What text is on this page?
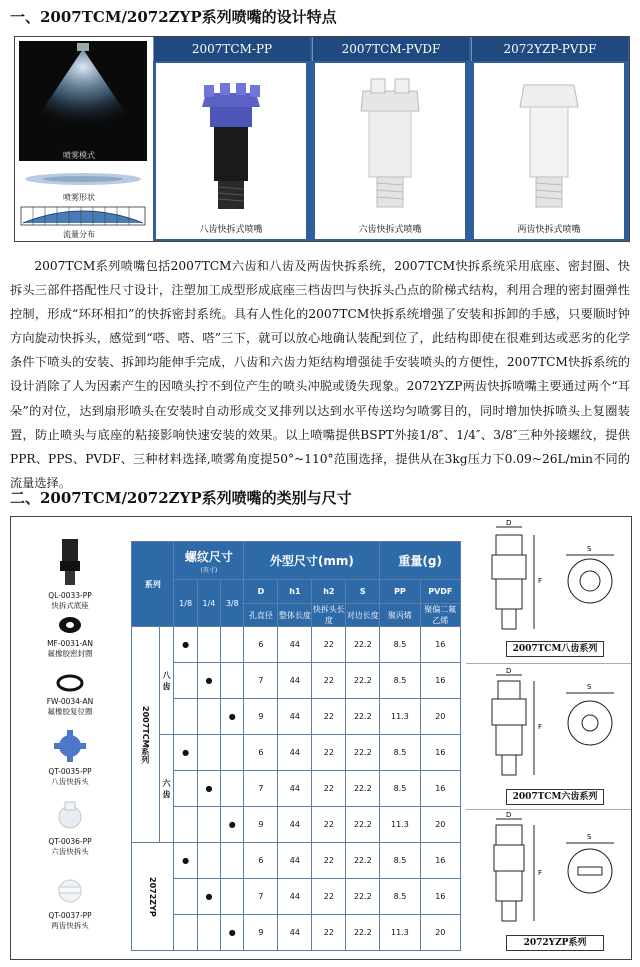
一、2007TCM/2072ZYP系列喷嘴的设计特点
喷雾模式
喷雾形状
流量分布
2007TCM-PP
八齿快拆式喷嘴
2007TCM-PVDF
六齿快拆式喷嘴
2072YZP-PVDF
两齿快拆式喷嘴

2007TCM系列喷嘴包括2007TCM六齿和八齿及两齿快拆系统，2007TCM快拆系统采用底座、密封圈、快拆头三部件搭配性尺寸设计，注塑加工成型形成底座三档齿凹与快拆头凸点的阶梯式结构，利用合理的密封圈弹性控制，形成“环环相扣”的快拆密封系统。具有人性化的2007TCM快拆系统增强了安装和拆卸的手感，只要顺时钟方向旋动快拆头，感觉到“嗒、嗒、嗒”三下，就可以放心地确认装配到位了，此结构即使在很难到达或恶劣的化学条件下喷头的安装、拆卸均能伸手完成，八齿和六齿力矩结构增强徒手安装喷头的方便性，2007TCM快拆系统的设计消除了人为因素产生的因喷头拧不到位产生的喷头冲脱或烫失现象。2072YZP两齿快拆喷嘴主要通过两个“耳朵”的对位，达到扇形喷头在安装时自动形成交叉排列以达到水平传送均匀喷雾目的，同时增加快拆喷头上复圈装置，防止喷头与底座的粘接影响快速安装的效果。以上喷嘴提供BSPT外接1/8″、1/4″、3/8″三种外接螺纹，提供PPR、PPS、PVDF、三种材料选择,喷雾角度提50°~110°范围选择，提供从在3kg压力下0.09~26L/min不同的流量选择。

二、2007TCM/2072ZYP系列喷嘴的类别与尺寸
QL-0033-PP
快拆式底座
MF-0031-AN
氟橡胶密封圈
FW-0034-AN
氟橡胶复位圈
QT-0035-PP
八齿快拆头
QT-0036-PP
六齿快拆头
QT-0037-PP
两齿快拆头
系列		螺纹尺寸
(英寸)			外型尺寸(mm)				重量(g)	
		1/8	1/4	3/8	D	h1	h2	S	PP	PVDF
					孔直径	整体长度	快拆头长度	对边长度	聚丙烯	聚偏二氟乙烯
2007TCM系列	八齿	●			6	44	22	22.2	8.5	16
			●		7	44	22	22.2	8.5	16
				●	9	44	22	22.2	11.3	20
	六齿	●			6	44	22	22.2	8.5	16
			●		7	44	22	22.2	8.5	16
				●	9	44	22	22.2	11.3	20
2072ZYP		●			6	44	22	22.2	8.5	16
			●		7	44	22	22.2	8.5	16
				●	9	44	22	22.2	11.3	20
D
F
S
2007TCM八齿系列
D
F
S
2007TCM六齿系列
D
F
S
2072YZP系列
